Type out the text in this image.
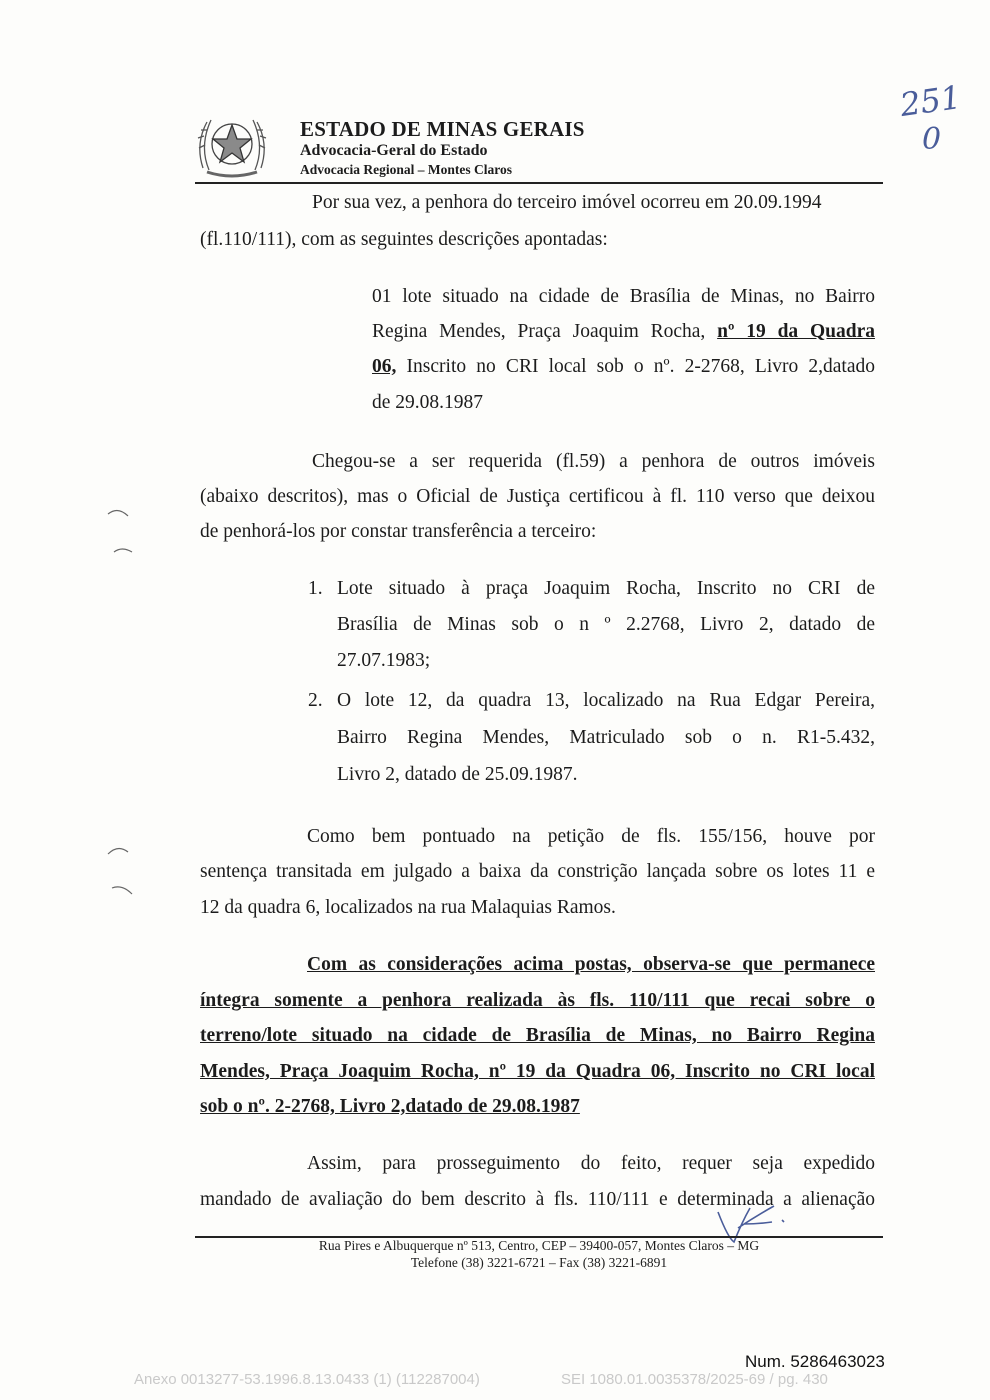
ESTADO DE MINAS GERAIS
Advocacia-Geral do Estado
Advocacia Regional – Montes Claros
251
0
Por sua vez, a penhora do terceiro imóvel ocorreu em 20.09.1994
(fl.110/111), com as seguintes descrições apontadas:
01 lote situado na cidade de Brasília de Minas, no Bairro
Regina Mendes, Praça Joaquim Rocha, nº 19 da Quadra
06, Inscrito no CRI local sob o nº. 2-2768, Livro 2,datado
de 29.08.1987
Chegou-se a ser requerida (fl.59) a penhora de outros imóveis
(abaixo descritos), mas o Oficial de Justiça certificou à fl. 110 verso que deixou
de penhorá-los por constar transferência a terceiro:
1. Lote situado à praça Joaquim Rocha, Inscrito no CRI de
Brasília de Minas sob o n º 2.2768, Livro 2, datado de
27.07.1983;
2. O lote 12, da quadra 13, localizado na Rua Edgar Pereira,
Bairro Regina Mendes, Matriculado sob o n. R1-5.432,
Livro 2, datado de 25.09.1987.
Como bem pontuado na petição de fls. 155/156, houve por
sentença transitada em julgado a baixa da constrição lançada sobre os lotes 11 e
12 da quadra 6, localizados na rua Malaquias Ramos.
Com as considerações acima postas, observa-se que permanece
íntegra somente a penhora realizada às fls. 110/111 que recai sobre o
terreno/lote situado na cidade de Brasília de Minas, no Bairro Regina
Mendes, Praça Joaquim Rocha, nº 19 da Quadra 06, Inscrito no CRI local
sob o nº. 2-2768, Livro 2,datado de 29.08.1987
Assim, para prosseguimento do feito, requer seja expedido
mandado de avaliação do bem descrito à fls. 110/111 e determinada a alienação
Rua Pires e Albuquerque nº 513, Centro, CEP – 39400-057, Montes Claros – MG
Telefone (38) 3221-6721 – Fax (38) 3221-6891
Num. 5286463023
Anexo 0013277-53.1996.8.13.0433 (1) (112287004)	SEI 1080.01.0035378/2025-69 / pg. 430
